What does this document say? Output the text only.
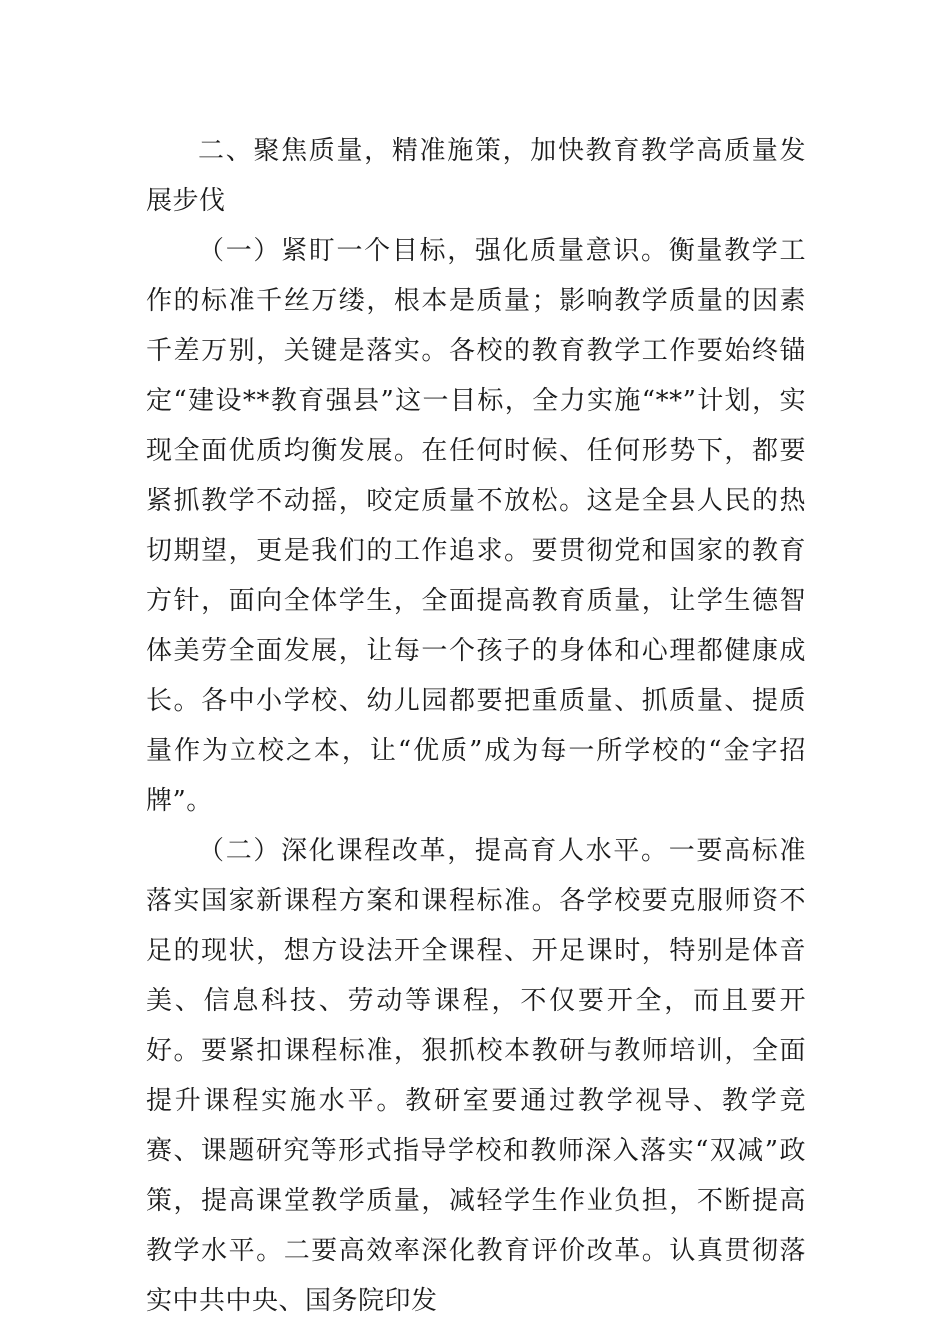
二、聚焦质量，精准施策，加快教育教学高质量发展步伐

（一）紧盯一个目标，强化质量意识。衡量教学工作的标准千丝万缕，根本是质量；影响教学质量的因素千差万别，关键是落实。各校的教育教学工作要始终锚定“建设**教育强县”这一目标，全力实施“**”计划，实现全面优质均衡发展。在任何时候、任何形势下，都要紧抓教学不动摇，咬定质量不放松。这是全县人民的热切期望，更是我们的工作追求。要贯彻党和国家的教育方针，面向全体学生，全面提高教育质量，让学生德智体美劳全面发展，让每一个孩子的身体和心理都健康成长。各中小学校、幼儿园都要把重质量、抓质量、提质量作为立校之本，让“优质”成为每一所学校的“金字招牌”。

（二）深化课程改革，提高育人水平。一要高标准落实国家新课程方案和课程标准。各学校要克服师资不足的现状，想方设法开全课程、开足课时，特别是体音美、信息科技、劳动等课程，不仅要开全，而且要开好。要紧扣课程标准，狠抓校本教研与教师培训，全面提升课程实施水平。教研室要通过教学视导、教学竞赛、课题研究等形式指导学校和教师深入落实“双减”政策，提高课堂教学质量，减轻学生作业负担，不断提高教学水平。二要高效率深化教育评价改革。认真贯彻落实中共中央、国务院印发
